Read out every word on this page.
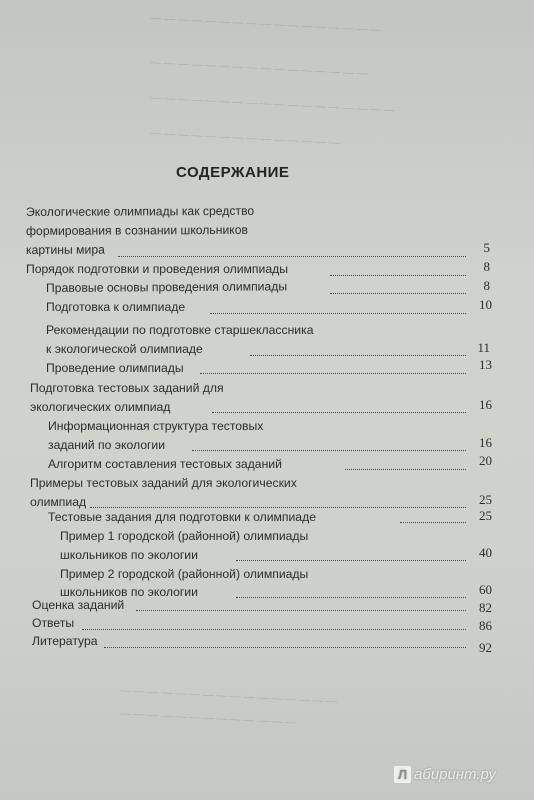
— — — — — — — — — — — — — — — — —
— — — — — — — — — — — — — — — —
— — — — — — — — — — — — — — — — — —
— — — — — — — — — — — — — —
СОДЕРЖАНИЕ
Экологические олимпиады как средство
формирования в сознании школьников
картины мира	5
Порядок подготовки и проведения олимпиады	8
Правовые основы проведения олимпиады	8
Подготовка к олимпиаде	10
Рекомендации по подготовке старшеклассника
к экологической олимпиаде	11
Проведение олимпиады	13
Подготовка тестовых заданий для
экологических олимпиад	16
Информационная структура тестовых
заданий по экологии	16
Алгоритм составления тестовых заданий	20
Примеры тестовых заданий для экологических
олимпиад	25
Тестовые задания для подготовки к олимпиаде	25
Пример 1 городской (районной) олимпиады
школьников по экологии	40
Пример 2 городской (районной) олимпиады
школьников по экологии	60
Оценка заданий	82
Ответы	86
Литература	92
— — — — — — — — — — — — — — — —
— — — — — — — — — — — — —
Л абиринт.ру
